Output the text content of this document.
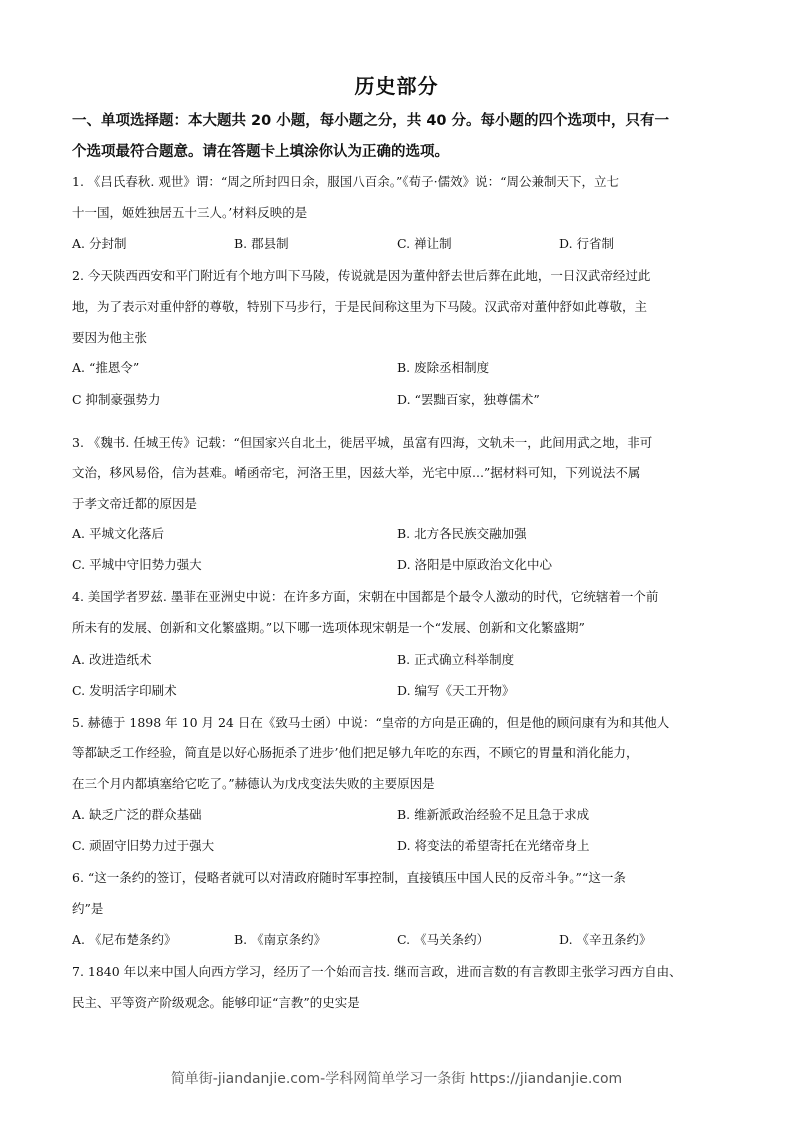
历史部分
一、单项选择题：本大题共 20 小题，每小题之分，共 40 分。每小题的四个选项中，只有一
个选项最符合题意。请在答题卡上填涂你认为正确的选项。
1. 《吕氏春秋. 观世》谓：“周之所封四日余，服国八百余。”《荀子·儒效》说：“周公兼制天下，立七
十一国，姬姓独居五十三人。’材料反映的是
A. 分封制	B. 郡县制	C. 禅让制	D. 行省制
2. 今天陕西西安和平门附近有个地方叫下马陵，传说就是因为董仲舒去世后葬在此地，一日汉武帝经过此
地，为了表示对重仲舒的尊敬，特别下马步行，于是民间称这里为下马陵。汉武帝对董仲舒如此尊敬，主
要因为他主张
A. “推恩令”	B. 废除丞相制度
C 抑制豪强势力	D. “罢黜百家，独尊儒术”
3. 《魏书. 任城王传》记载：“但国家兴自北土，徙居平城，虽富有四海，文轨未一，此间用武之地，非可
文治，移风易俗，信为甚难。崤函帝宅，河洛王里，因兹大举，光宅中原...”据材料可知，下列说法不属
于孝文帝迁都的原因是
A. 平城文化落后	B. 北方各民族交融加强
C. 平城中守旧势力强大	D. 洛阳是中原政治文化中心
4. 美国学者罗兹. 墨菲在亚洲史中说：在许多方面，宋朝在中国都是个最令人激动的时代，它统辖着一个前
所未有的发展、创新和文化繁盛期。”以下哪一选项体现宋朝是一个“发展、创新和文化繁盛期”
A. 改进造纸术	B. 正式确立科举制度
C. 发明活字印刷术	D. 编写《天工开物》
5. 赫德于 1898 年 10 月 24 日在《致马士函）中说：“皇帝的方向是正确的，但是他的顾问康有为和其他人
等都缺乏工作经验，简直是以好心肠扼杀了进步’他们把足够九年吃的东西，不顾它的胃量和消化能力，
在三个月内都填塞给它吃了。”赫德认为戊戌变法失败的主要原因是
A. 缺乏广泛的群众基础	B. 维新派政治经验不足且急于求成
C. 顽固守旧势力过于强大	D. 将变法的希望寄托在光绪帝身上
6. “这一条约的签订，侵略者就可以对清政府随时军事控制，直接镇压中国人民的反帝斗争。”“这一条
约”是
A. 《尼布楚条约》	B. 《南京条约》	C. 《马关条约）	D. 《辛丑条约》
7. 1840 年以来中国人向西方学习，经历了一个始而言技. 继而言政，进而言数的有言教即主张学习西方自由、
民主、平等资产阶级观念。能够印证“言教”的史实是
简单街-jiandanjie.com-学科网简单学习一条街 https://jiandanjie.com
